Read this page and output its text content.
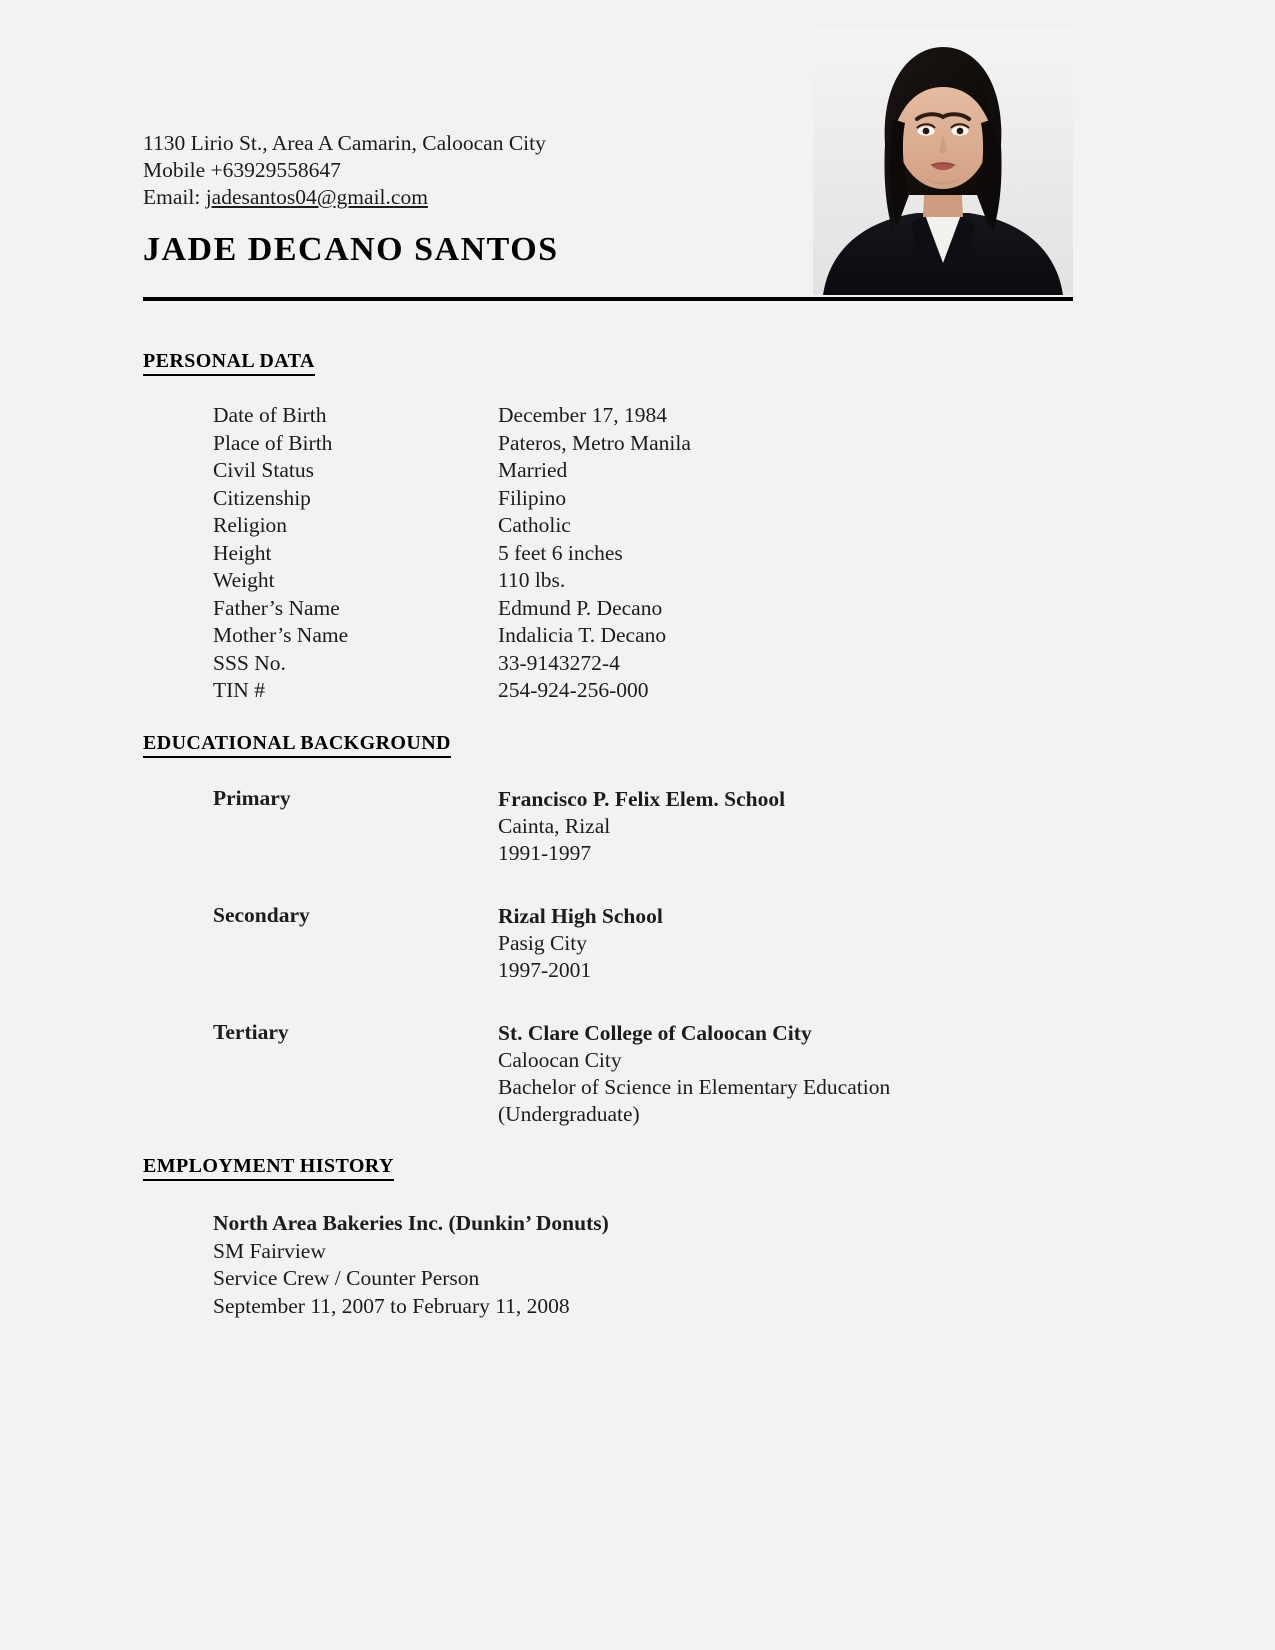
1130 Lirio St., Area A Camarin, Caloocan City
Mobile +63929558647
Email: jadesantos04@gmail.com
JADE DECANO SANTOS
PERSONAL DATA
Date of Birth	December 17, 1984
Place of Birth	Pateros, Metro Manila
Civil Status	Married
Citizenship	Filipino
Religion	Catholic
Height	5 feet 6 inches
Weight	110 lbs.
Father’s Name	Edmund P. Decano
Mother’s Name	Indalicia T. Decano
SSS No.	33-9143272-4
TIN #	254-924-256-000
EDUCATIONAL BACKGROUND
Primary	Francisco P. Felix Elem. School
Cainta, Rizal
1991-1997
Secondary	Rizal High School
Pasig City
1997-2001
Tertiary	St. Clare College of Caloocan City
Caloocan City
Bachelor of Science in Elementary Education
(Undergraduate)
EMPLOYMENT HISTORY
North Area Bakeries Inc. (Dunkin’ Donuts)
SM Fairview
Service Crew / Counter Person
September 11, 2007 to February 11, 2008
